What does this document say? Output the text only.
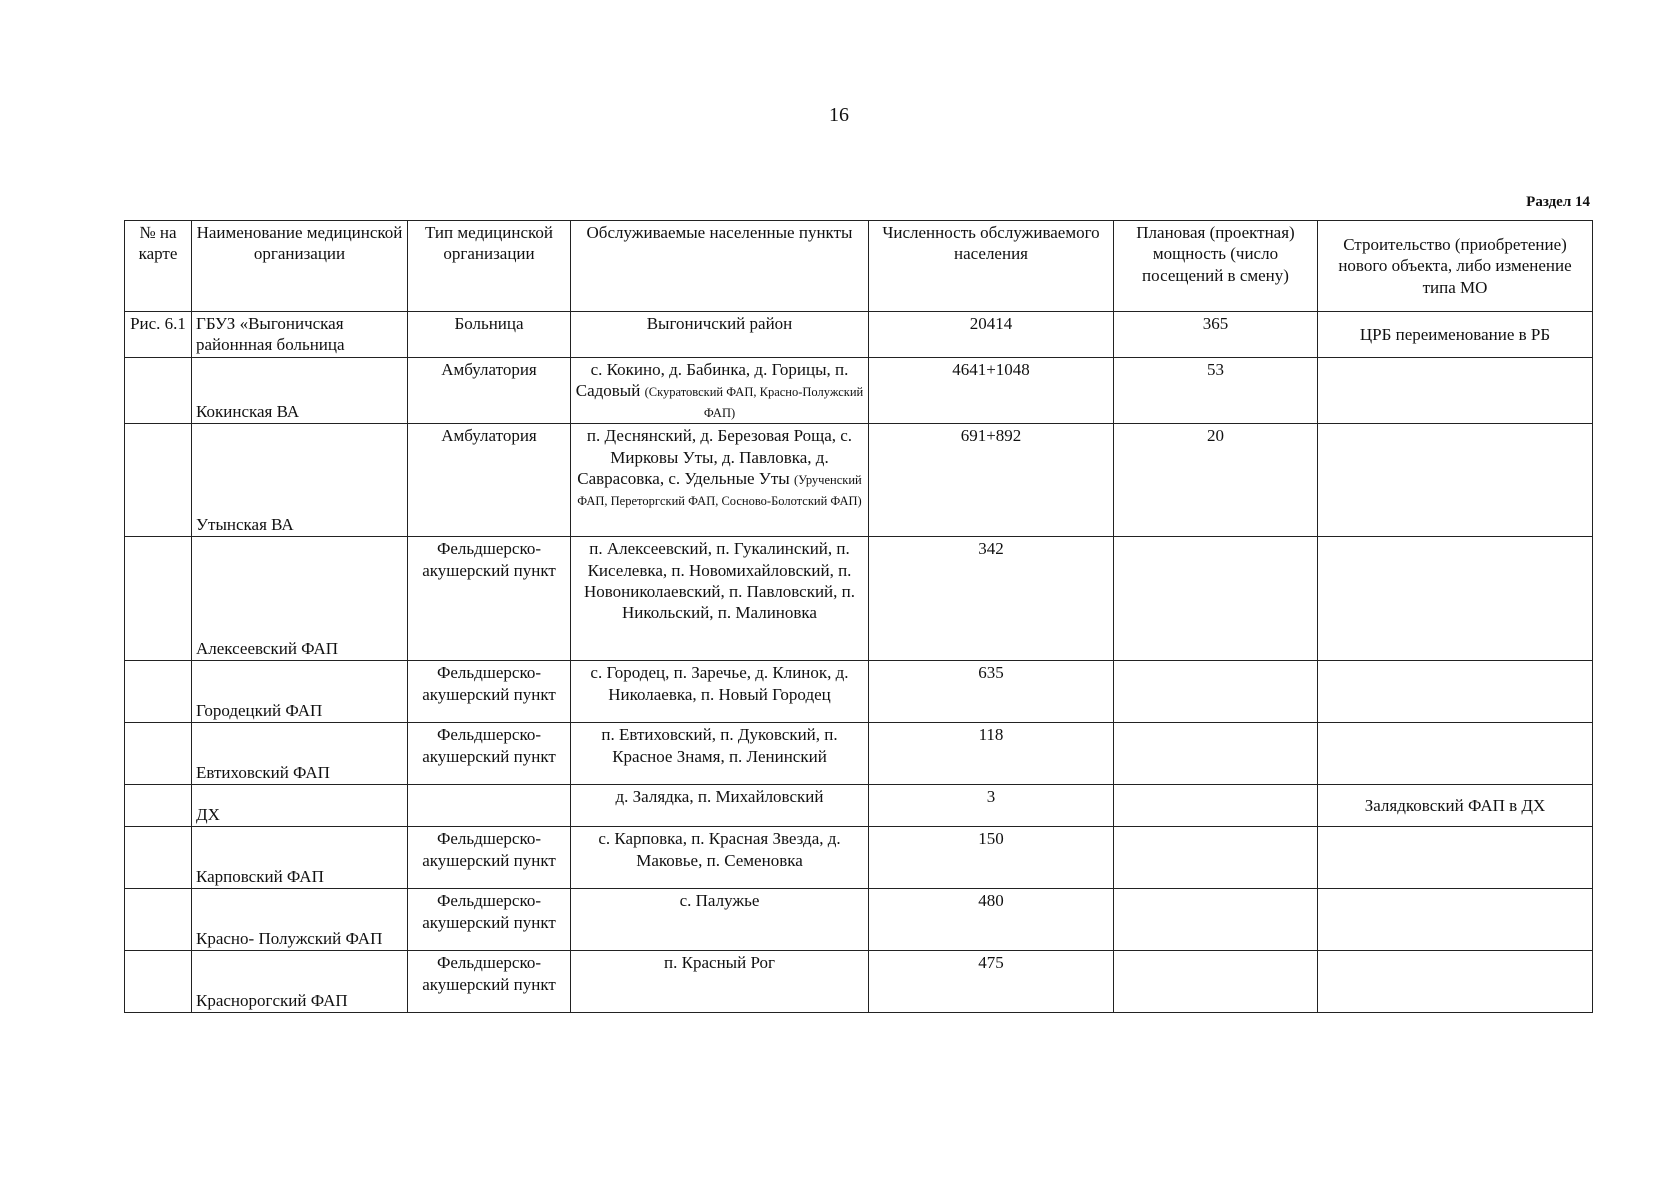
16
Раздел 14
№ на карте	Наименование медицинской организации	Тип медицинской организации	Обслуживаемые населенные пункты	Численность обслуживаемого населения	Плановая (проектная) мощность (число посещений в смену)	Строительство (приобретение) нового объекта, либо изменение типа МО
Рис. 6.1	ГБУЗ «Выгоничская районнная больница	Больница	Выгоничский район	20414	365	ЦРБ переименование в РБ
	Кокинская ВА	Амбулатория	с. Кокино, д. Бабинка, д. Горицы, п. Садовый (Скуратовский ФАП, Красно-Полужский ФАП)	4641+1048	53	
	Утынская ВА	Амбулатория	п. Деснянский, д. Березовая Роща, с. Мирковы Уты, д. Павловка, д. Саврасовка, с. Удельные Уты (Урученский ФАП, Переторгский ФАП, Сосново-Болотский ФАП)	691+892	20	
	Алексеевский ФАП	Фельдшерско-акушерский пункт	п. Алексеевский, п. Гукалинский, п. Киселевка, п. Новомихайловский, п. Новониколаевский, п. Павловский, п. Никольский, п. Малиновка	342		
	Городецкий ФАП	Фельдшерско-акушерский пункт	с. Городец, п. Заречье, д. Клинок, д. Николаевка, п. Новый Городец	635		
	Евтиховский ФАП	Фельдшерско-акушерский пункт	п. Евтиховский, п. Дуковский, п. Красное Знамя, п. Ленинский	118		
	ДХ		д. Залядка, п. Михайловский	3		Залядковский ФАП в ДХ
	Карповский ФАП	Фельдшерско-акушерский пункт	с. Карповка, п. Красная Звезда, д. Маковье, п. Семеновка	150		
	Красно- Полужский ФАП	Фельдшерско-акушерский пункт	с. Палужье	480		
	Краснорогский ФАП	Фельдшерско-акушерский пункт	п. Красный Рог	475		
